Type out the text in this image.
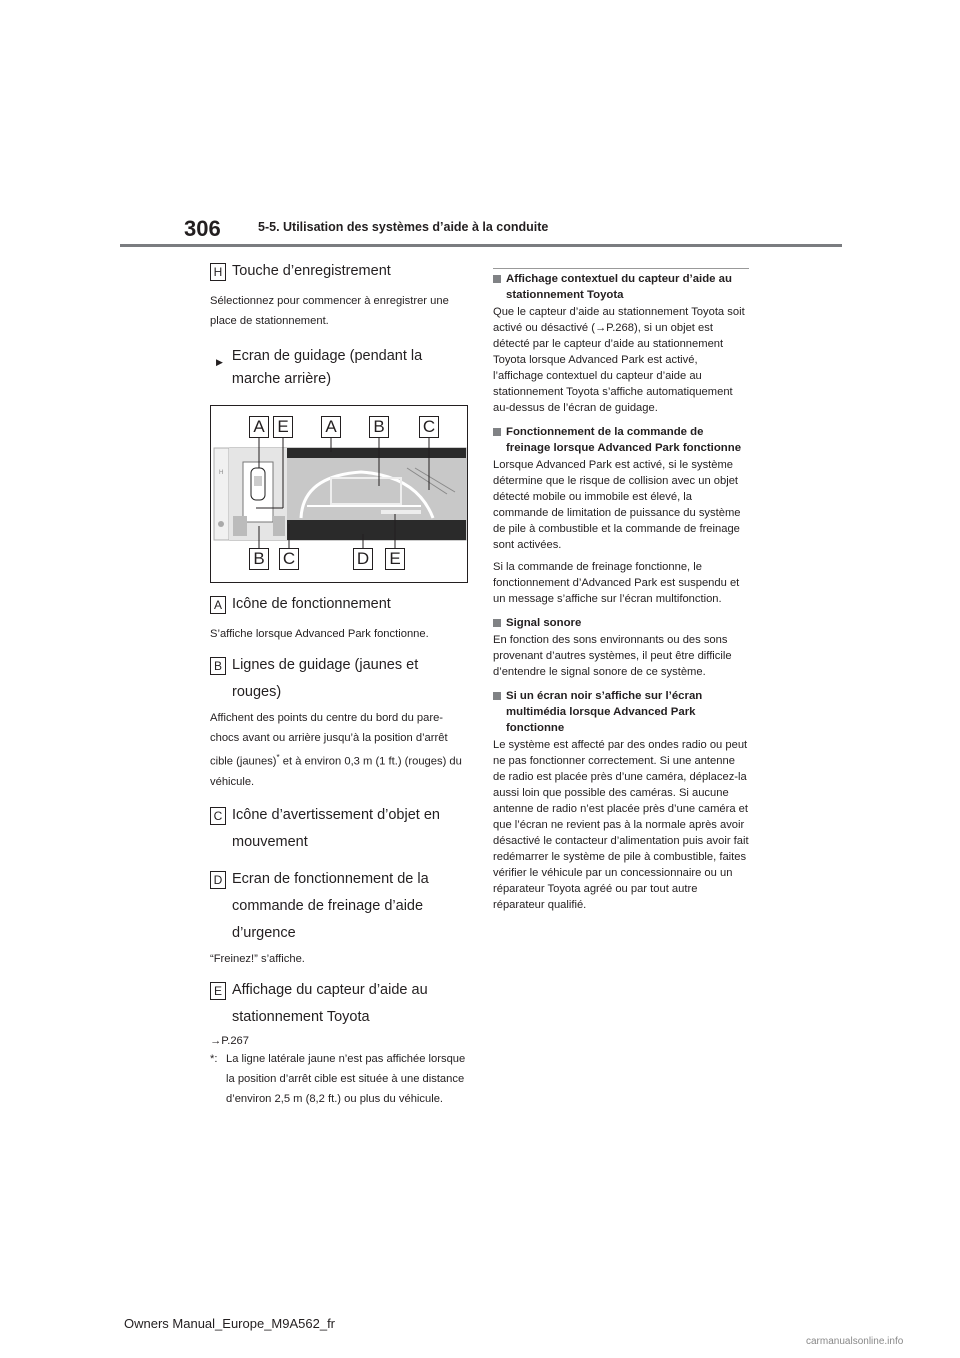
306	5-5. Utilisation des systèmes d’aide à la conduite
H Touche d’enregistrement

Sélectionnez pour commencer à enregistrer une place de stationnement.

▶ Ecran de guidage (pendant la marche arrière)
H
A E A B C
B C	D E
A Icône de fonctionnement

S’affiche lorsque Advanced Park fonctionne.

B Lignes de guidage (jaunes et rouges)

Affichent des points du centre du bord du pare-chocs avant ou arrière jusqu’à la position d’arrêt cible (jaunes)* et à environ 0,3 m (1 ft.) (rouges) du véhicule.

C Icône d’avertissement d’objet en mouvement
D Ecran de fonctionnement de la commande de freinage d’aide d’urgence

“Freinez!” s’affiche.

E Affichage du capteur d’aide au stationnement Toyota

→P.267

*: La ligne latérale jaune n’est pas affichée lorsque la position d’arrêt cible est située à une distance d’environ 2,5 m (8,2 ft.) ou plus du véhicule.
Affichage contextuel du capteur d’aide au stationnement Toyota

Que le capteur d’aide au stationnement Toyota soit activé ou désactivé (→P.268), si un objet est détecté par le capteur d’aide au stationnement Toyota lorsque Advanced Park est activé, l’affichage contextuel du capteur d’aide au stationnement Toyota s’affiche automatiquement au-dessus de l’écran de guidage.

Fonctionnement de la commande de freinage lorsque Advanced Park fonctionne

Lorsque Advanced Park est activé, si le système détermine que le risque de collision avec un objet détecté mobile ou immobile est élevé, la commande de limitation de puissance du système de pile à combustible et la commande de freinage sont activées.

Si la commande de freinage fonctionne, le fonctionnement d’Advanced Park est suspendu et un message s’affiche sur l’écran multifonction.

Signal sonore

En fonction des sons environnants ou des sons provenant d’autres systèmes, il peut être difficile d’entendre le signal sonore de ce système.

Si un écran noir s’affiche sur l’écran multimédia lorsque Advanced Park fonctionne

Le système est affecté par des ondes radio ou peut ne pas fonctionner correctement. Si une antenne de radio est placée près d’une caméra, déplacez-la aussi loin que possible des caméras. Si aucune antenne de radio n’est placée près d’une caméra et que l’écran ne revient pas à la normale après avoir désactivé le contacteur d’alimentation puis avoir fait redémarrer le système de pile à combustible, faites vérifier le véhicule par un concessionnaire ou un réparateur Toyota agréé ou par tout autre réparateur qualifié.

Owners Manual_Europe_M9A562_fr
carmanualsonline.info
